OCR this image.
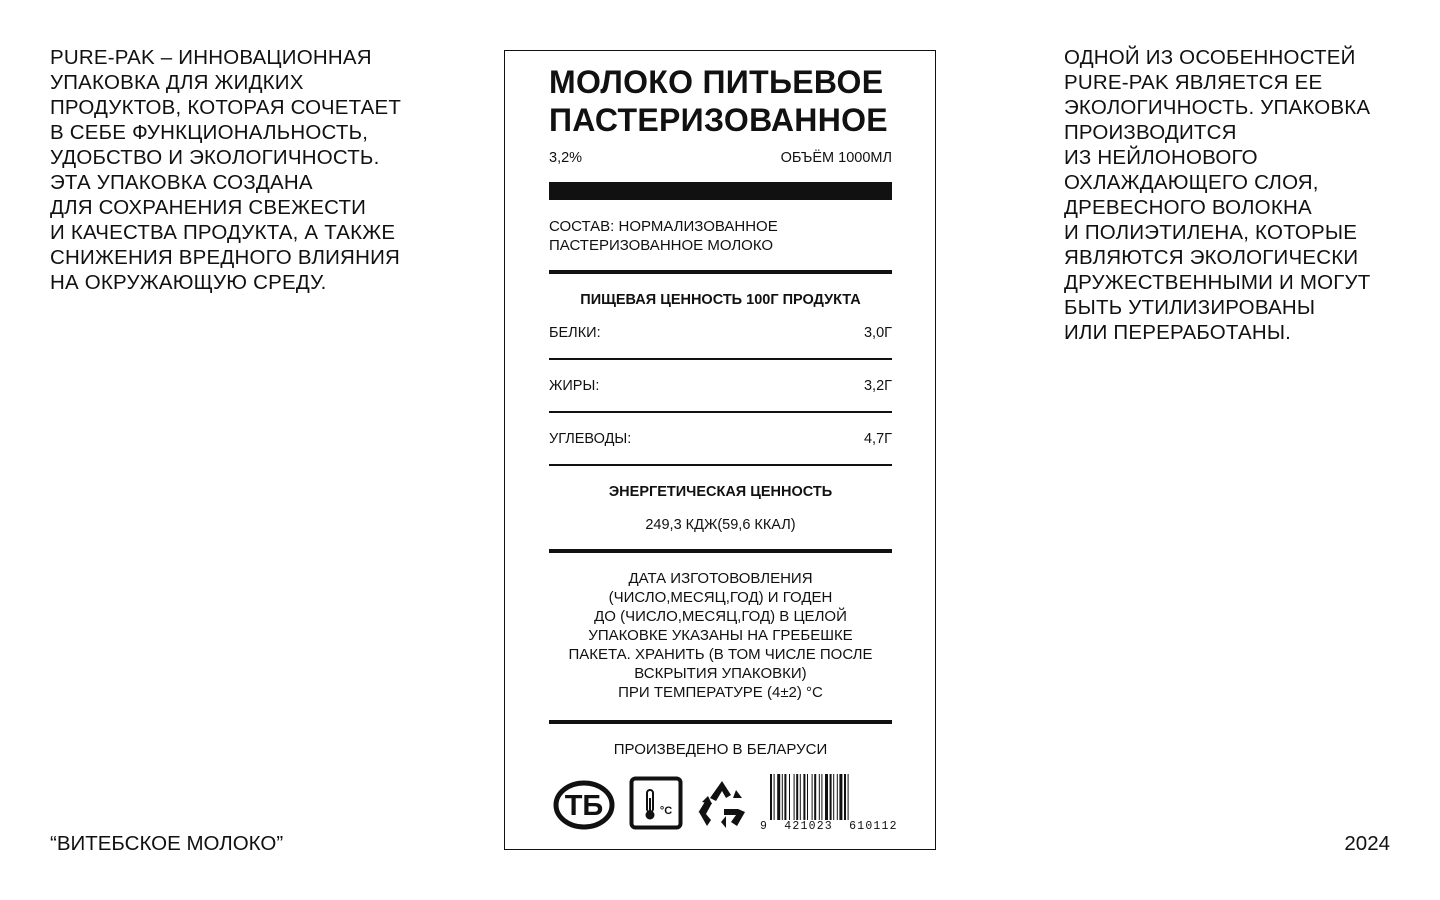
PURE-PAK – ИННОВАЦИОННАЯ
УПАКОВКА ДЛЯ ЖИДКИХ
ПРОДУКТОВ, КОТОРАЯ СОЧЕТАЕТ
В СЕБЕ ФУНКЦИОНАЛЬНОСТЬ,
УДОБСТВО И ЭКОЛОГИЧНОСТЬ.
ЭТА УПАКОВКА СОЗДАНА
ДЛЯ СОХРАНЕНИЯ СВЕЖЕСТИ
И КАЧЕСТВА ПРОДУКТА, А ТАКЖЕ
СНИЖЕНИЯ ВРЕДНОГО ВЛИЯНИЯ
НА ОКРУЖАЮЩУЮ СРЕДУ.
ОДНОЙ ИЗ ОСОБЕННОСТЕЙ
PURE-PAK ЯВЛЯЕТСЯ ЕЕ
ЭКОЛОГИЧНОСТЬ. УПАКОВКА
ПРОИЗВОДИТСЯ
ИЗ НЕЙЛОНОВОГО
ОХЛАЖДАЮЩЕГО СЛОЯ,
ДРЕВЕСНОГО ВОЛОКНА
И ПОЛИЭТИЛЕНА, КОТОРЫЕ
ЯВЛЯЮТСЯ ЭКОЛОГИЧЕСКИ
ДРУЖЕСТВЕННЫМИ И МОГУТ
БЫТЬ УТИЛИЗИРОВАНЫ
ИЛИ ПЕРЕРАБОТАНЫ.
“ВИТЕБСКОЕ МОЛОКО”	2024
МОЛОКО ПИТЬЕВОЕ
ПАСТЕРИЗОВАННОЕ
3,2%	ОБЪЁМ 1000МЛ
СОСТАВ: НОРМАЛИЗОВАННОЕ
ПАСТЕРИЗОВАННОЕ МОЛОКО
ПИЩЕВАЯ ЦЕННОСТЬ 100Г ПРОДУКТА
БЕЛКИ:	3,0Г
ЖИРЫ:	3,2Г
УГЛЕВОДЫ:	4,7Г
ЭНЕРГЕТИЧЕСКАЯ ЦЕННОСТЬ
249,3 КДЖ(59,6 ККАЛ)
ДАТА ИЗГОТОВОВЛЕНИЯ
(ЧИСЛО,МЕСЯЦ,ГОД) И ГОДЕН
ДО (ЧИСЛО,МЕСЯЦ,ГОД) В ЦЕЛОЙ
УПАКОВКЕ УКАЗАНЫ НА ГРЕБЕШКЕ
ПАКЕТА. ХРАНИТЬ (В ТОМ ЧИСЛЕ ПОСЛЕ
ВСКРЫТИЯ УПАКОВКИ)
ПРИ ТЕМПЕРАТУРЕ (4±2) °С
ПРОИЗВЕДЕНО В БЕЛАРУСИ
ТБ	°C
9  421023  610112
